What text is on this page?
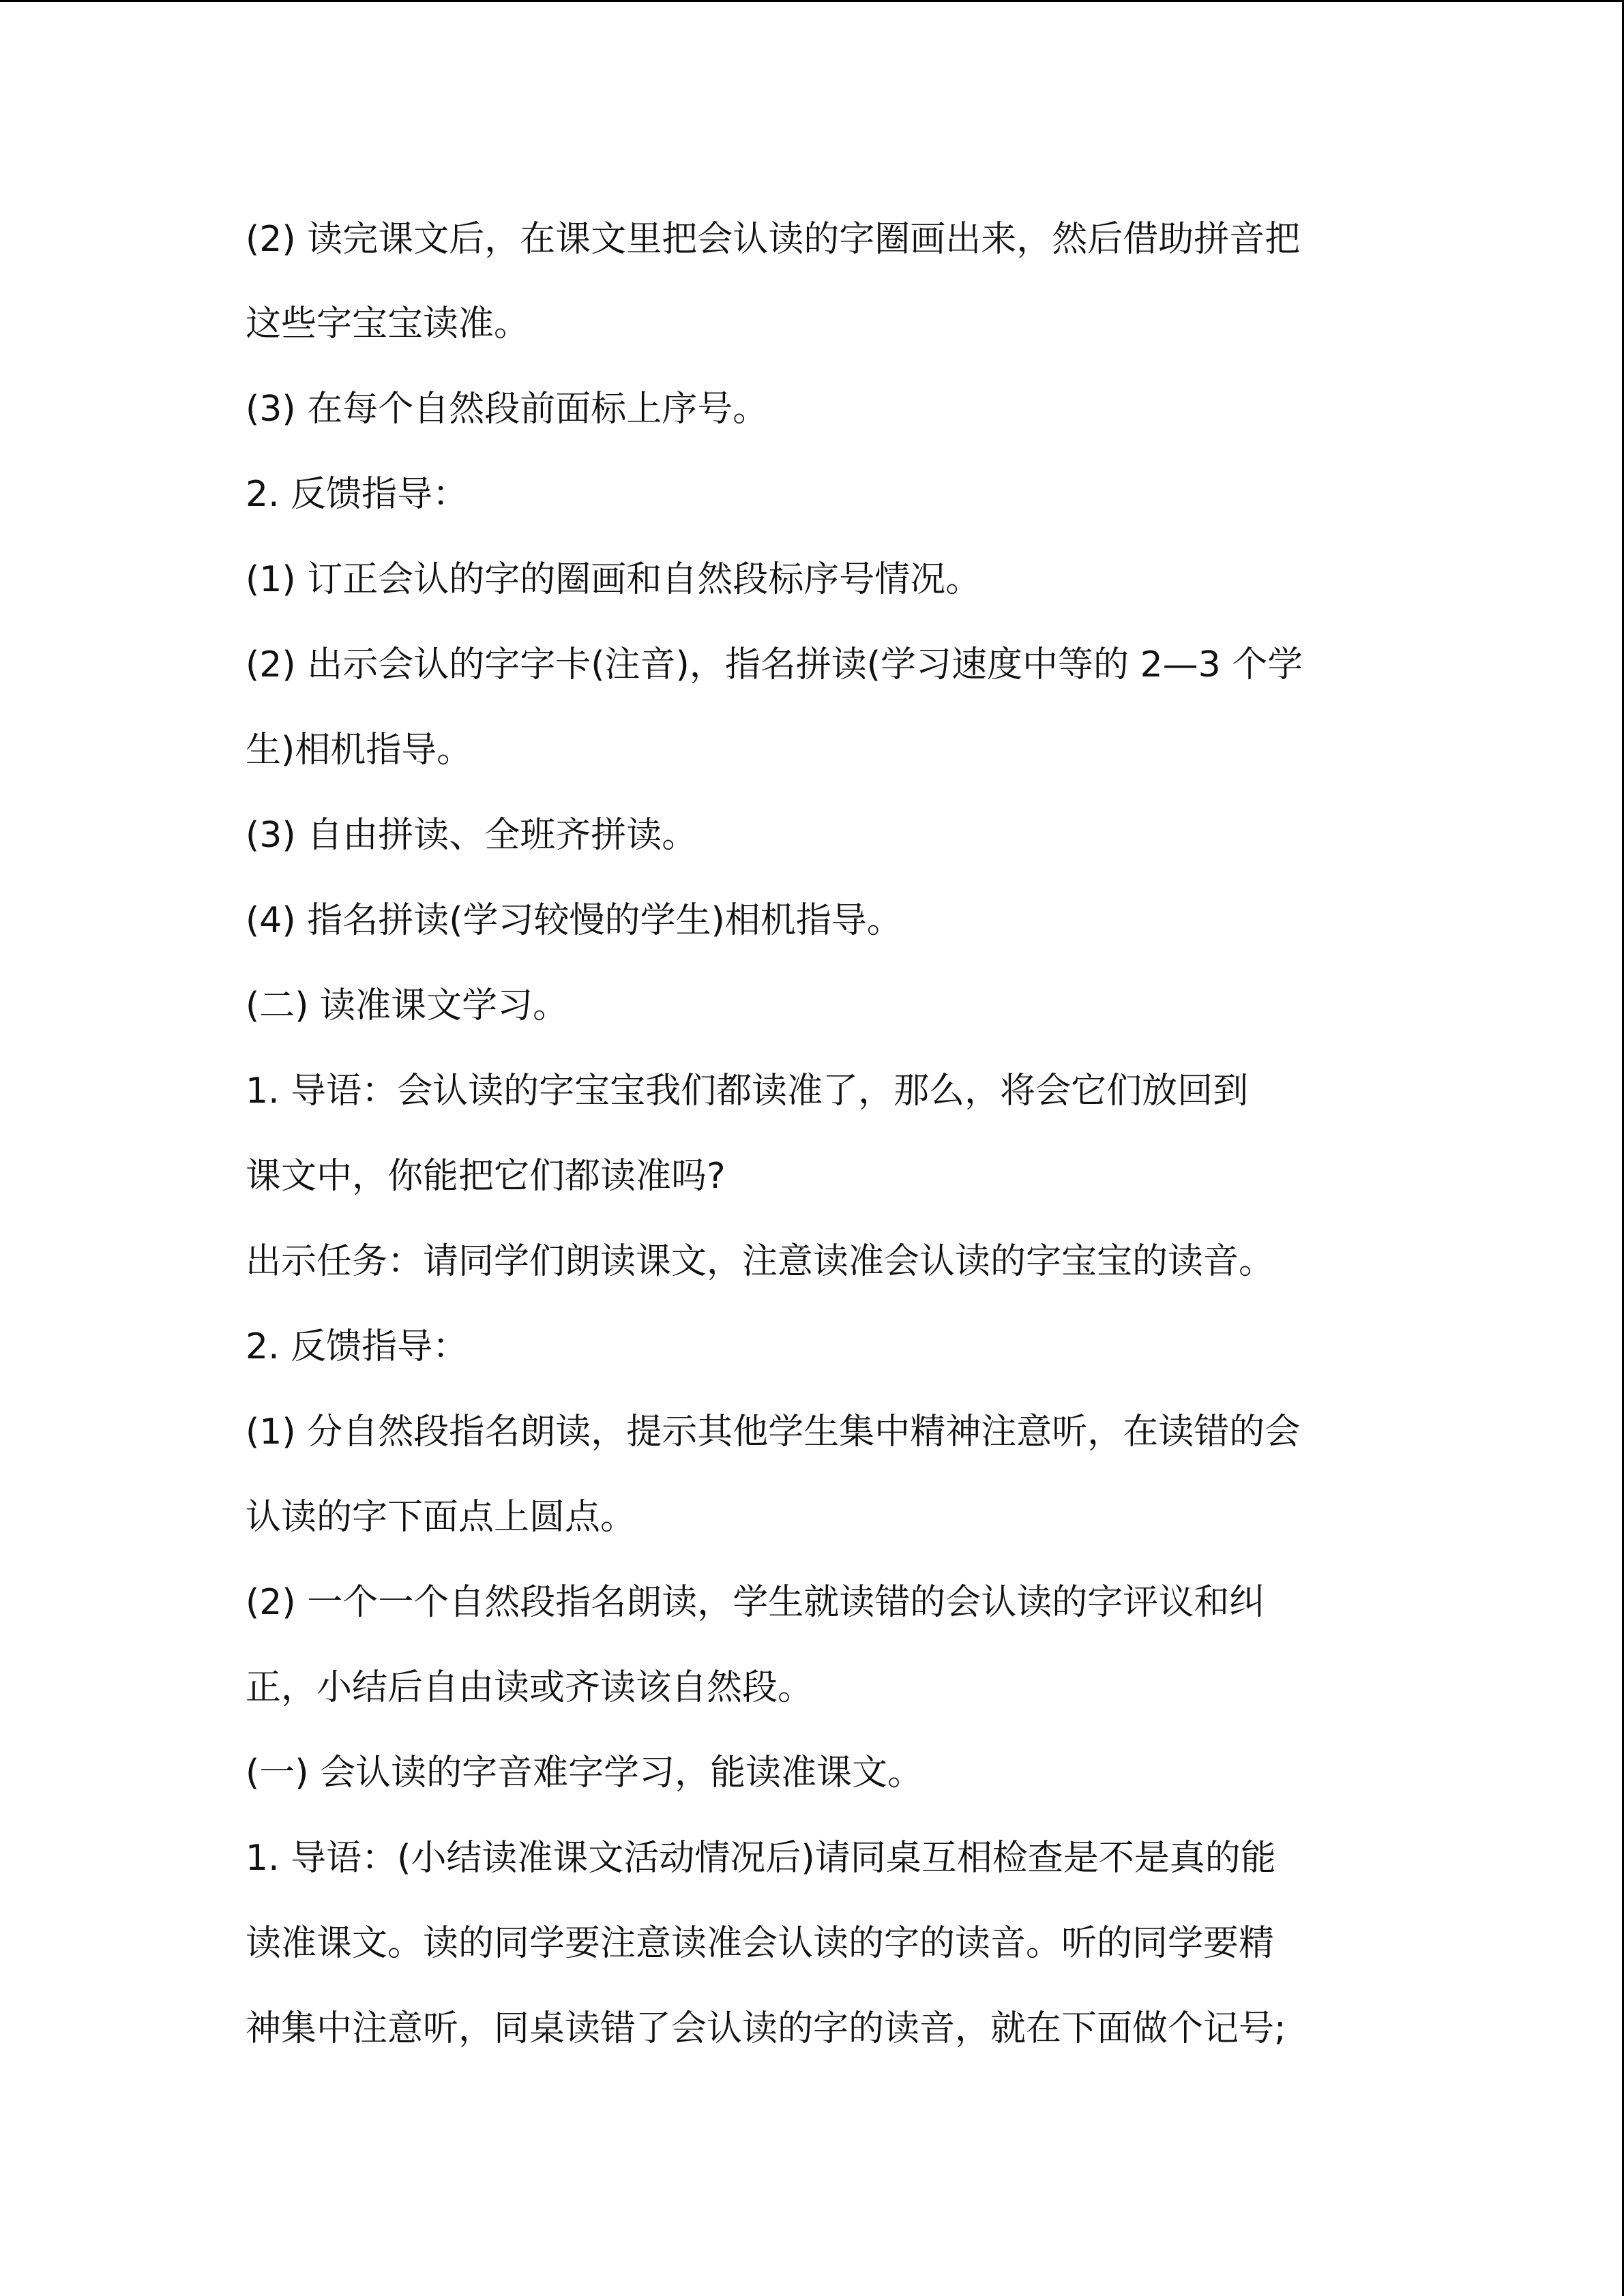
(2) 读完课文后，在课文里把会认读的字圈画出来，然后借助拼音把
这些字宝宝读准。
(3) 在每个自然段前面标上序号。
2. 反馈指导：
(1) 订正会认的字的圈画和自然段标序号情况。
(2) 出示会认的字字卡(注音)，指名拼读(学习速度中等的 2—3 个学
生)相机指导。
(3) 自由拼读、全班齐拼读。
(4) 指名拼读(学习较慢的学生)相机指导。
(二) 读准课文学习。
1. 导语：会认读的字宝宝我们都读准了，那么，将会它们放回到
课文中，你能把它们都读准吗?
出示任务：请同学们朗读课文，注意读准会认读的字宝宝的读音。
2. 反馈指导：
(1) 分自然段指名朗读，提示其他学生集中精神注意听，在读错的会
认读的字下面点上圆点。
(2) 一个一个自然段指名朗读，学生就读错的会认读的字评议和纠
正，小结后自由读或齐读该自然段。
(一) 会认读的字音难字学习，能读准课文。
1. 导语：(小结读准课文活动情况后)请同桌互相检查是不是真的能
读准课文。读的同学要注意读准会认读的字的读音。听的同学要精
神集中注意听，同桌读错了会认读的字的读音，就在下面做个记号;
